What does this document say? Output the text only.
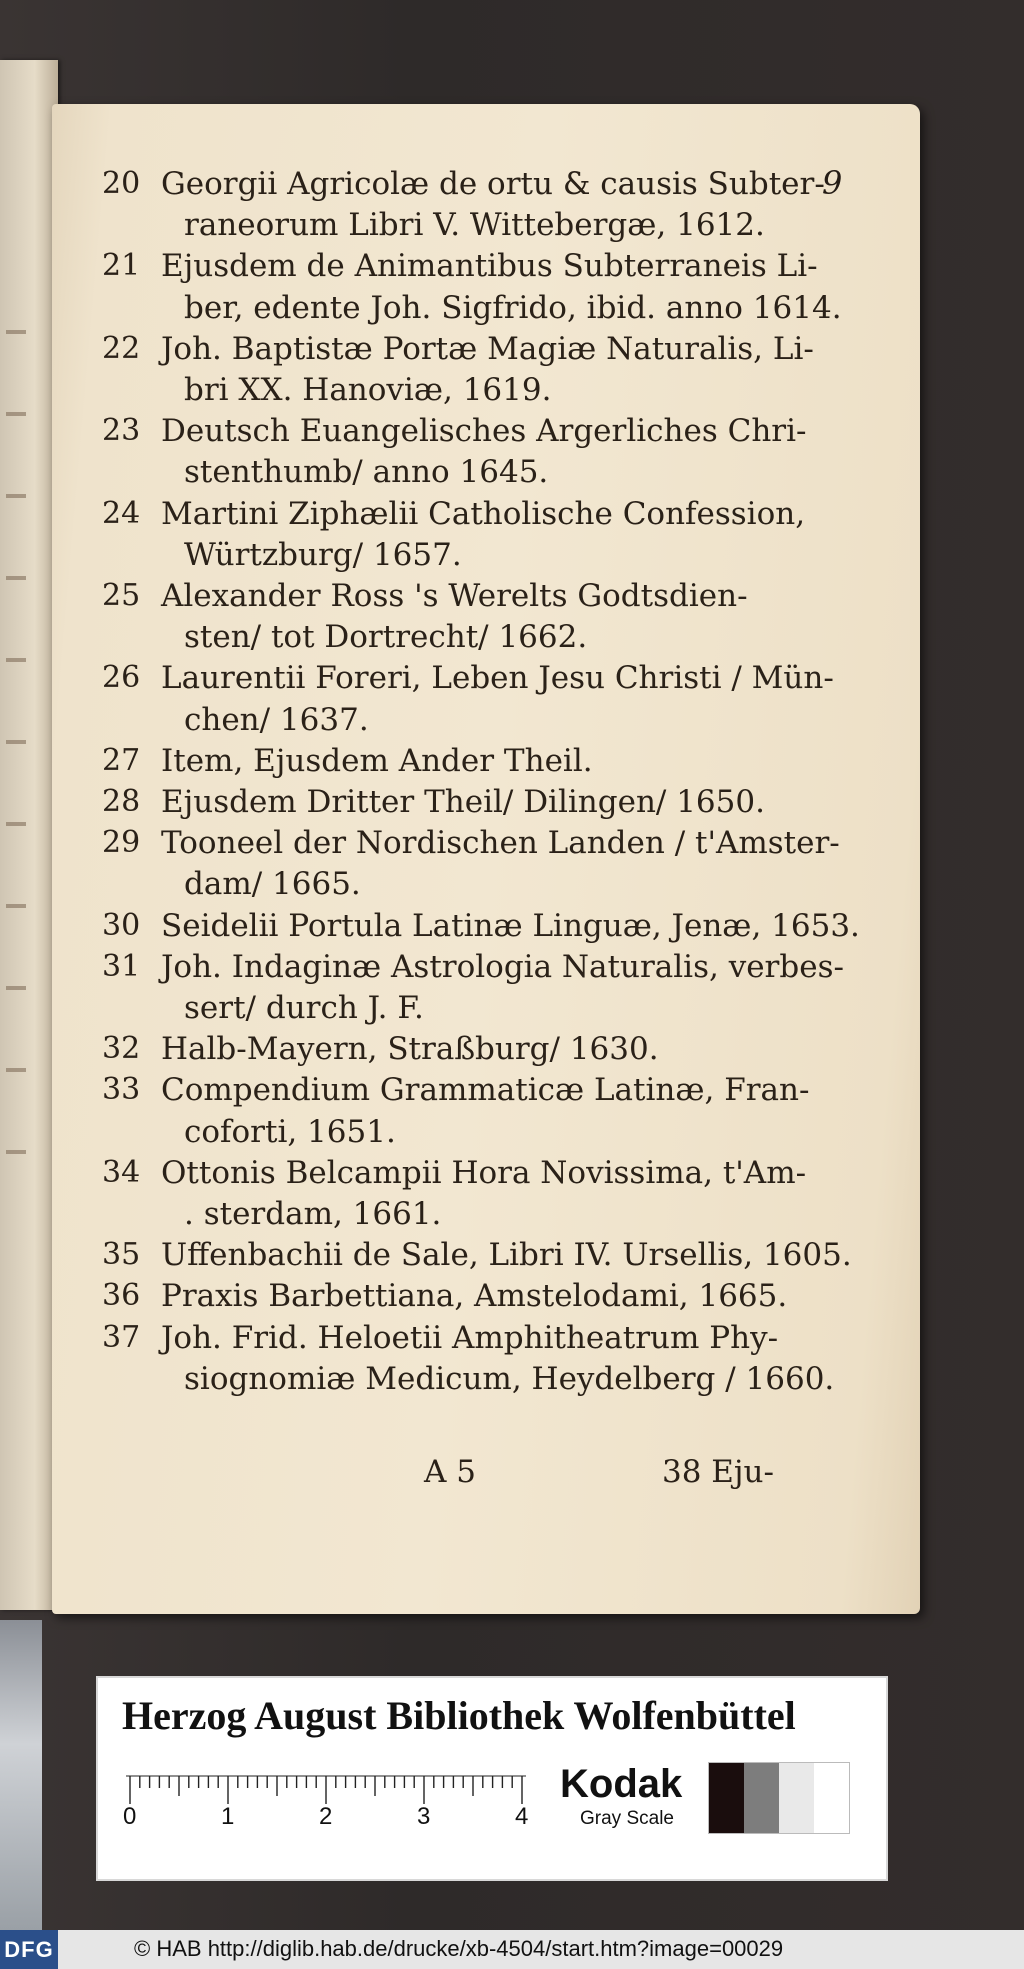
9
20 Georgii Agricolæ de ortu & causis Subter-
raneorum Libri V. Wittebergæ, 1612.
21 Ejusdem de Animantibus Subterraneis Li-
ber, edente Joh. Sigfrido, ibid. anno 1614.
22 Joh. Baptistæ Portæ Magiæ Naturalis, Li-
bri XX. Hanoviæ, 1619.
23 Deutsch Euangelisches Argerliches Chri-
stenthumb/ anno 1645.
24 Martini Ziphælii Catholische Confession,
Würtzburg/ 1657.
25 Alexander Ross 's Werelts Godtsdien-
sten/ tot Dortrecht/ 1662.
26 Laurentii Foreri, Leben Jesu Christi / Mün-
chen/ 1637.
27 Item, Ejusdem Ander Theil.
28 Ejusdem Dritter Theil/ Dilingen/ 1650.
29 Tooneel der Nordischen Landen / t'Amster-
dam/ 1665.
30 Seidelii Portula Latinæ Linguæ, Jenæ, 1653.
31 Joh. Indaginæ Astrologia Naturalis, verbes-
sert/ durch J. F.
32 Halb-Mayern, Straßburg/ 1630.
33 Compendium Grammaticæ Latinæ, Fran-
coforti, 1651.
34 Ottonis Belcampii Hora Novissima, t'Am-
. sterdam, 1661.
35 Uffenbachii de Sale, Libri IV. Ursellis, 1605.
36 Praxis Barbettiana, Amstelodami, 1665.
37 Joh. Frid. Heloetii Amphitheatrum Phy-
siognomiæ Medicum, Heydelberg / 1660.
A 5	38 Eju-
Herzog August Bibliothek Wolfenbüttel
0	1	2	3	4
Kodak
Gray Scale
DFG	© HAB http://diglib.hab.de/drucke/xb-4504/start.htm?image=00029
